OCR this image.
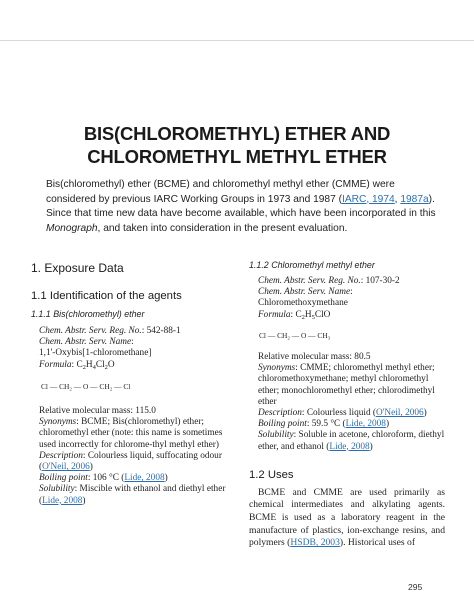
BIS(CHLOROMETHYL) ETHER AND
CHLOROMETHYL METHYL ETHER
Bis(chloromethyl) ether (BCME) and chloromethyl methyl ether (CMME) were considered by previous IARC Working Groups in 1973 and 1987 (IARC, 1974, 1987a). Since that time new data have become available, which have been incorporated in this Monograph, and taken into consideration in the present evaluation.
1. Exposure Data
1.1 Identification of the agents
1.1.1 Bis(chloromethyl) ether
Chem. Abstr. Serv. Reg. No.: 542-88-1
Chem. Abstr. Serv. Name:
1,1'-Oxybis[1-chloromethane]
Formula: $C_2H_4Cl_2O$
Cl — CH₂ — O — CH₂ — Cl
Relative molecular mass: 115.0
Synonyms: BCME; Bis(chloromethyl) ether; chloromethyl ether (note: this name is sometimes used incorrectly for chlorome-thyl methyl ether)
Description: Colourless liquid, suffocating odour (O'Neil, 2006)
Boiling point: 106 °C (Lide, 2008)
Solubility: Miscible with ethanol and diethyl ether (Lide, 2008)
1.1.2 Chloromethyl methyl ether
Chem. Abstr. Serv. Reg. No.: 107-30-2
Chem. Abstr. Serv. Name:
Chloromethoxymethane
Formula: $C_2H_5ClO$
Cl — CH₂ — O — CH₃
Relative molecular mass: 80.5
Synonyms: CMME; chloromethyl methyl ether; chloromethoxymethane; methyl chloromethyl ether; monochloromethyl ether; chlorodimethyl ether
Description: Colourless liquid (O'Neil, 2006)
Boiling point: 59.5 °C (Lide, 2008)
Solubility: Soluble in acetone, chloroform, diethyl ether, and ethanol (Lide, 2008)
1.2 Uses
BCME and CMME are used primarily as chemical intermediates and alkylating agents. BCME is used as a laboratory reagent in the manufacture of plastics, ion-exchange resins, and polymers (HSDB, 2003). Historical uses of
295
